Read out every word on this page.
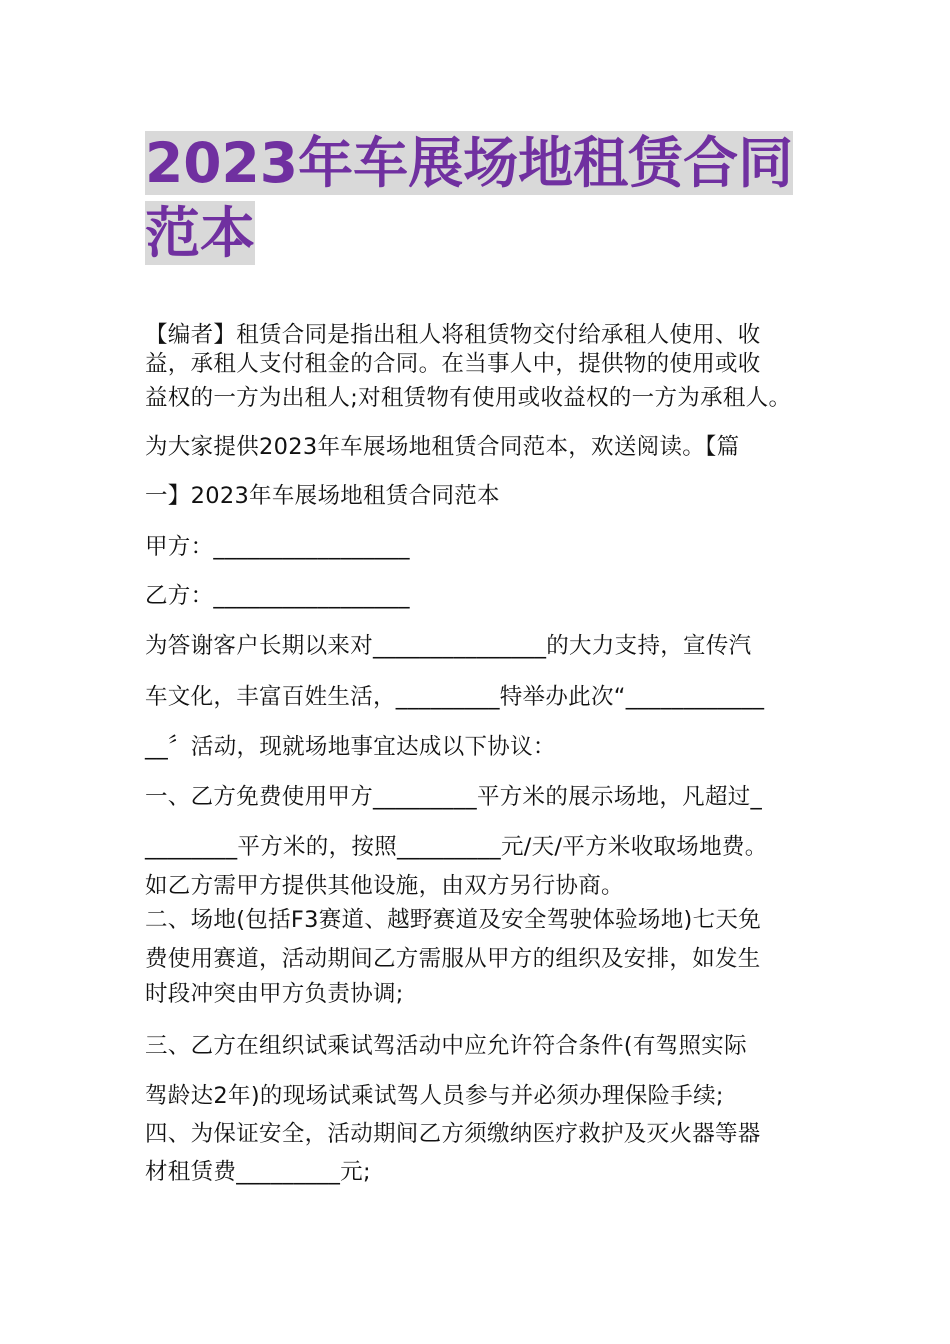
2023年车展场地租赁合同范本

【编者】租赁合同是指出租人将租赁物交付给承租人使用、收

益，承租人支付租金的合同。在当事人中，提供物的使用或收

益权的一方为出租人;对租赁物有使用或收益权的一方为承租人。

为大家提供2023年车展场地租赁合同范本，欢送阅读。【篇

一】2023年车展场地租赁合同范本

甲方：_________________

乙方：_________________

为答谢客户长期以来对_______________的大力支持，宣传汽

车文化，丰富百姓生活，_________特举办此次“____________

__〞活动，现就场地事宜达成以下协议：

一、乙方免费使用甲方_________平方米的展示场地，凡超过_

________平方米的，按照_________元/天/平方米收取场地费。

如乙方需甲方提供其他设施，由双方另行协商。

二、场地(包括F3赛道、越野赛道及安全驾驶体验场地)七天免

费使用赛道，活动期间乙方需服从甲方的组织及安排，如发生

时段冲突由甲方负责协调;

三、乙方在组织试乘试驾活动中应允许符合条件(有驾照实际

驾龄达2年)的现场试乘试驾人员参与并必须办理保险手续;

四、为保证安全，活动期间乙方须缴纳医疗救护及灭火器等器

材租赁费_________元;
